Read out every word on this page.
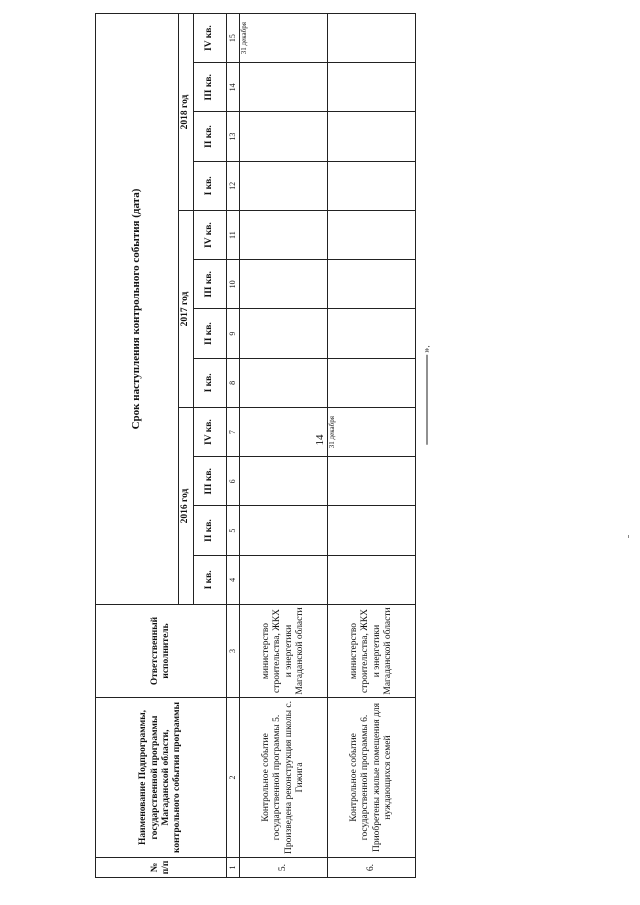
14
№ п/п	Наименование Подпрограммы, государственной программы Магаданской области, контрольного события программы	Ответственный исполнитель	Срок наступления контрольного события (дата)											
			2016 год				2017 год				2018 год			
			I кв.	II кв.	III кв.	IV кв.	I кв.	II кв.	III кв.	IV кв.	I кв.	II кв.	III кв.	IV кв.
1	2	3	4	5	6	7	8	9	10	11	12	13	14	15
5.	Контрольное событие государственной программы 5. Произведена реконструкция школы с. Гижига	министерство строительства, ЖКХ и энергетики Магаданской области												31 декабря

6.	Контрольное событие государственной программы 6. Приобретены жилые помещения для нуждающихся семей	министерство строительства, ЖКХ и энергетики Магаданской области				31 декабря								

».
